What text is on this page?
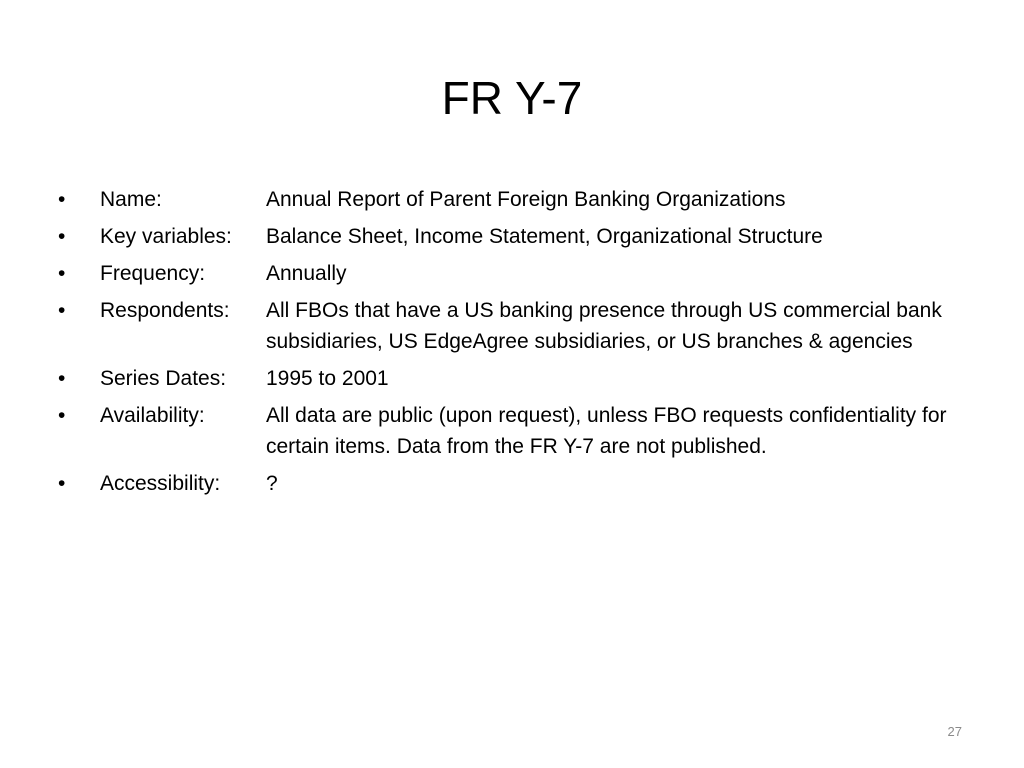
FR Y-7
•	Name:	Annual Report of Parent Foreign Banking Organizations
•	Key variables:	Balance Sheet, Income Statement, Organizational Structure
•	Frequency:	Annually
•	Respondents:	All FBOs that have a US banking presence through US commercial bank subsidiaries, US EdgeAgree subsidiaries, or US branches & agencies
•	Series Dates:	1995 to 2001
•	Availability:	All data are public (upon request), unless FBO requests confidentiality for certain items. Data from the FR Y-7 are not published.
•	Accessibility:	?
27
